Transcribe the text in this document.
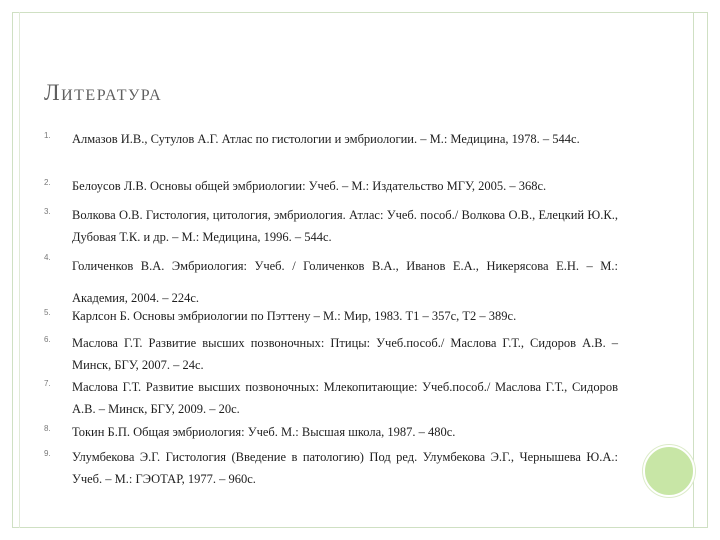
Литература
1. Алмазов И.В., Сутулов А.Г. Атлас по гистологии и эмбриологии. – М.: Медицина, 1978. – 544с.
2. Белоусов Л.В. Основы общей эмбриологии: Учеб. – М.: Издательство МГУ, 2005. – 368с.
3. Волкова О.В. Гистология, цитология, эмбриология. Атлас: Учеб. пособ./ Волкова О.В., Елецкий Ю.К., Дубовая Т.К. и др. – М.: Медицина, 1996. – 544с.
4.
Голиченков В.А. Эмбриология: Учеб. / Голиченков В.А., Иванов Е.А., Никерясова Е.Н. – М.: Академия, 2004. – 224с.
5. Карлсон Б. Основы эмбриологии по Пэттену – М.: Мир, 1983. Т1 – 357с, Т2 – 389с.
6. Маслова Г.Т. Развитие высших позвоночных: Птицы: Учеб.пособ./ Маслова Г.Т., Сидоров А.В. – Минск, БГУ, 2007. – 24с.
7. Маслова Г.Т. Развитие высших позвоночных: Млекопитающие: Учеб.пособ./ Маслова Г.Т., Сидоров А.В. – Минск, БГУ, 2009. – 20с.
8. Токин Б.П. Общая эмбриология: Учеб. М.: Высшая школа, 1987. – 480с.
9. Улумбекова Э.Г. Гистология (Введение в патологию) Под ред. Улумбекова Э.Г., Чернышева Ю.А.: Учеб. – М.: ГЭОТАР, 1977. – 960с.
